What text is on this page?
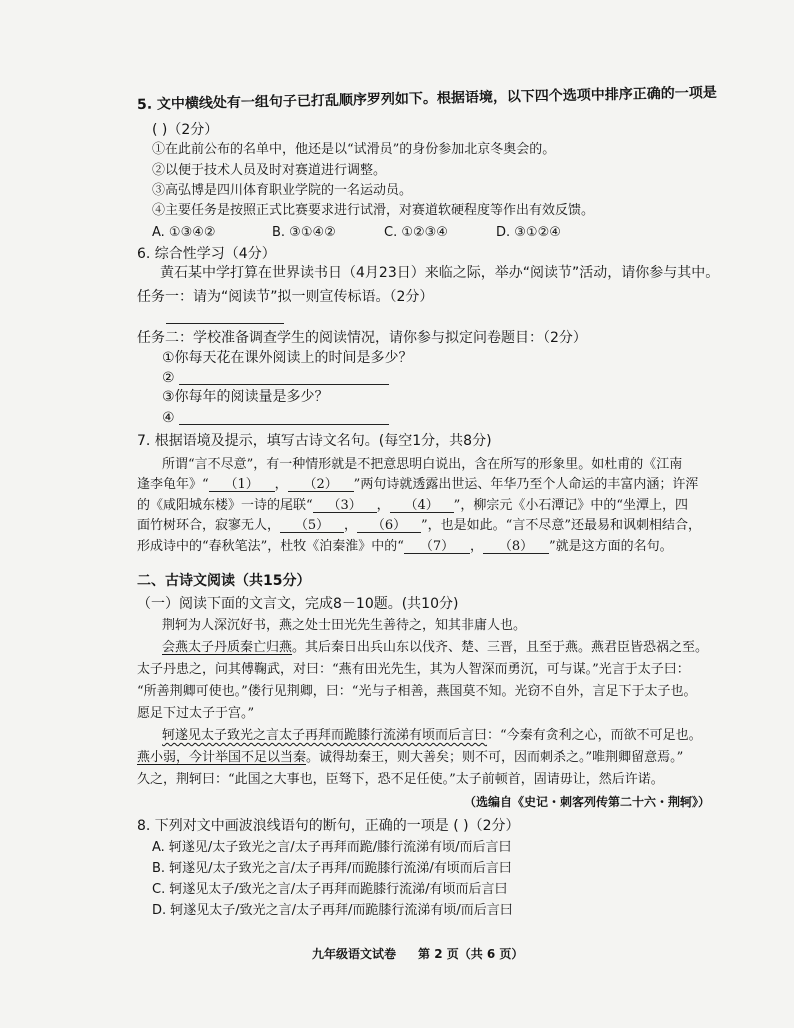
5. 文中横线处有一组句子已打乱顺序罗列如下。根据语境，以下四个选项中排序正确的一项是
( )（2分）
①在此前公布的名单中，他还是以“试滑员”的身份参加北京冬奥会的。
②以便于技术人员及时对赛道进行调整。
③高弘博是四川体育职业学院的一名运动员。
④主要任务是按照正式比赛要求进行试滑，对赛道软硬程度等作出有效反馈。
A. ①③④②	B. ③①④②	C. ①②③④	D. ③①②④
6. 综合性学习（4分）
黄石某中学打算在世界读书日（4月23日）来临之际，举办“阅读节”活动，请你参与其中。
任务一：请为“阅读节”拟一则宣传标语。（2分）
任务二：学校准备调查学生的阅读情况，请你参与拟定问卷题目：（2分）
①你每天花在课外阅读上的时间是多少？
②
③你每年的阅读量是多少？
④
7. 根据语境及提示，填写古诗文名句。(每空1分，共8分)
所谓“言不尽意”，有一种情形就是不把意思明白说出，含在所写的形象里。如杜甫的《江南
逢李龟年》“ （1） ， （2） ”两句诗就透露出世运、年华乃至个人命运的丰富内涵；许浑
的《咸阳城东楼》一诗的尾联“ （3） ， （4） ”，柳宗元《小石潭记》中的“坐潭上，四
面竹树环合，寂寥无人， （5） ， （6） ”，也是如此。“言不尽意”还最易和讽刺相结合，
形成诗中的“春秋笔法”，杜牧《泊秦淮》中的“ （7） ， （8） ”就是这方面的名句。
二、古诗文阅读（共15分）
（一）阅读下面的文言文，完成8－10题。(共10分)
荆轲为人深沉好书，燕之处士田光先生善待之，知其非庸人也。
会燕太子丹质秦亡归燕。其后秦日出兵山东以伐齐、楚、三晋，且至于燕。燕君臣皆恐祸之至。
太子丹患之，问其傅鞠武，对曰：“燕有田光先生，其为人智深而勇沉，可与谋。”光言于太子曰：
“所善荆卿可使也。”偻行见荆卿，曰：“光与子相善，燕国莫不知。光窃不自外，言足下于太子也。
愿足下过太子于宫。”
轲遂见太子致光之言太子再拜而跪膝行流涕有顷而后言曰：“今秦有贪利之心，而欲不可足也。
燕小弱，今计举国不足以当秦。诚得劫秦王，则大善矣；则不可，因而刺杀之。”唯荆卿留意焉。”
久之，荆轲曰：“此国之大事也，臣驽下，恐不足任使。”太子前顿首，固请毋让，然后许诺。
（选编自《史记・刺客列传第二十六・荆轲》）
8. 下列对文中画波浪线语句的断句，正确的一项是 ( )（2分）
A. 轲遂见/太子致光之言/太子再拜而跪/膝行流涕有顷/而后言曰
B. 轲遂见/太子致光之言/太子再拜/而跪膝行流涕/有顷而后言曰
C. 轲遂见太子/致光之言/太子再拜而跪膝行流涕/有顷而后言曰
D. 轲遂见太子/致光之言/太子再拜/而跪膝行流涕有顷/而后言曰
九年级语文试卷 第 2 页（共 6 页）
